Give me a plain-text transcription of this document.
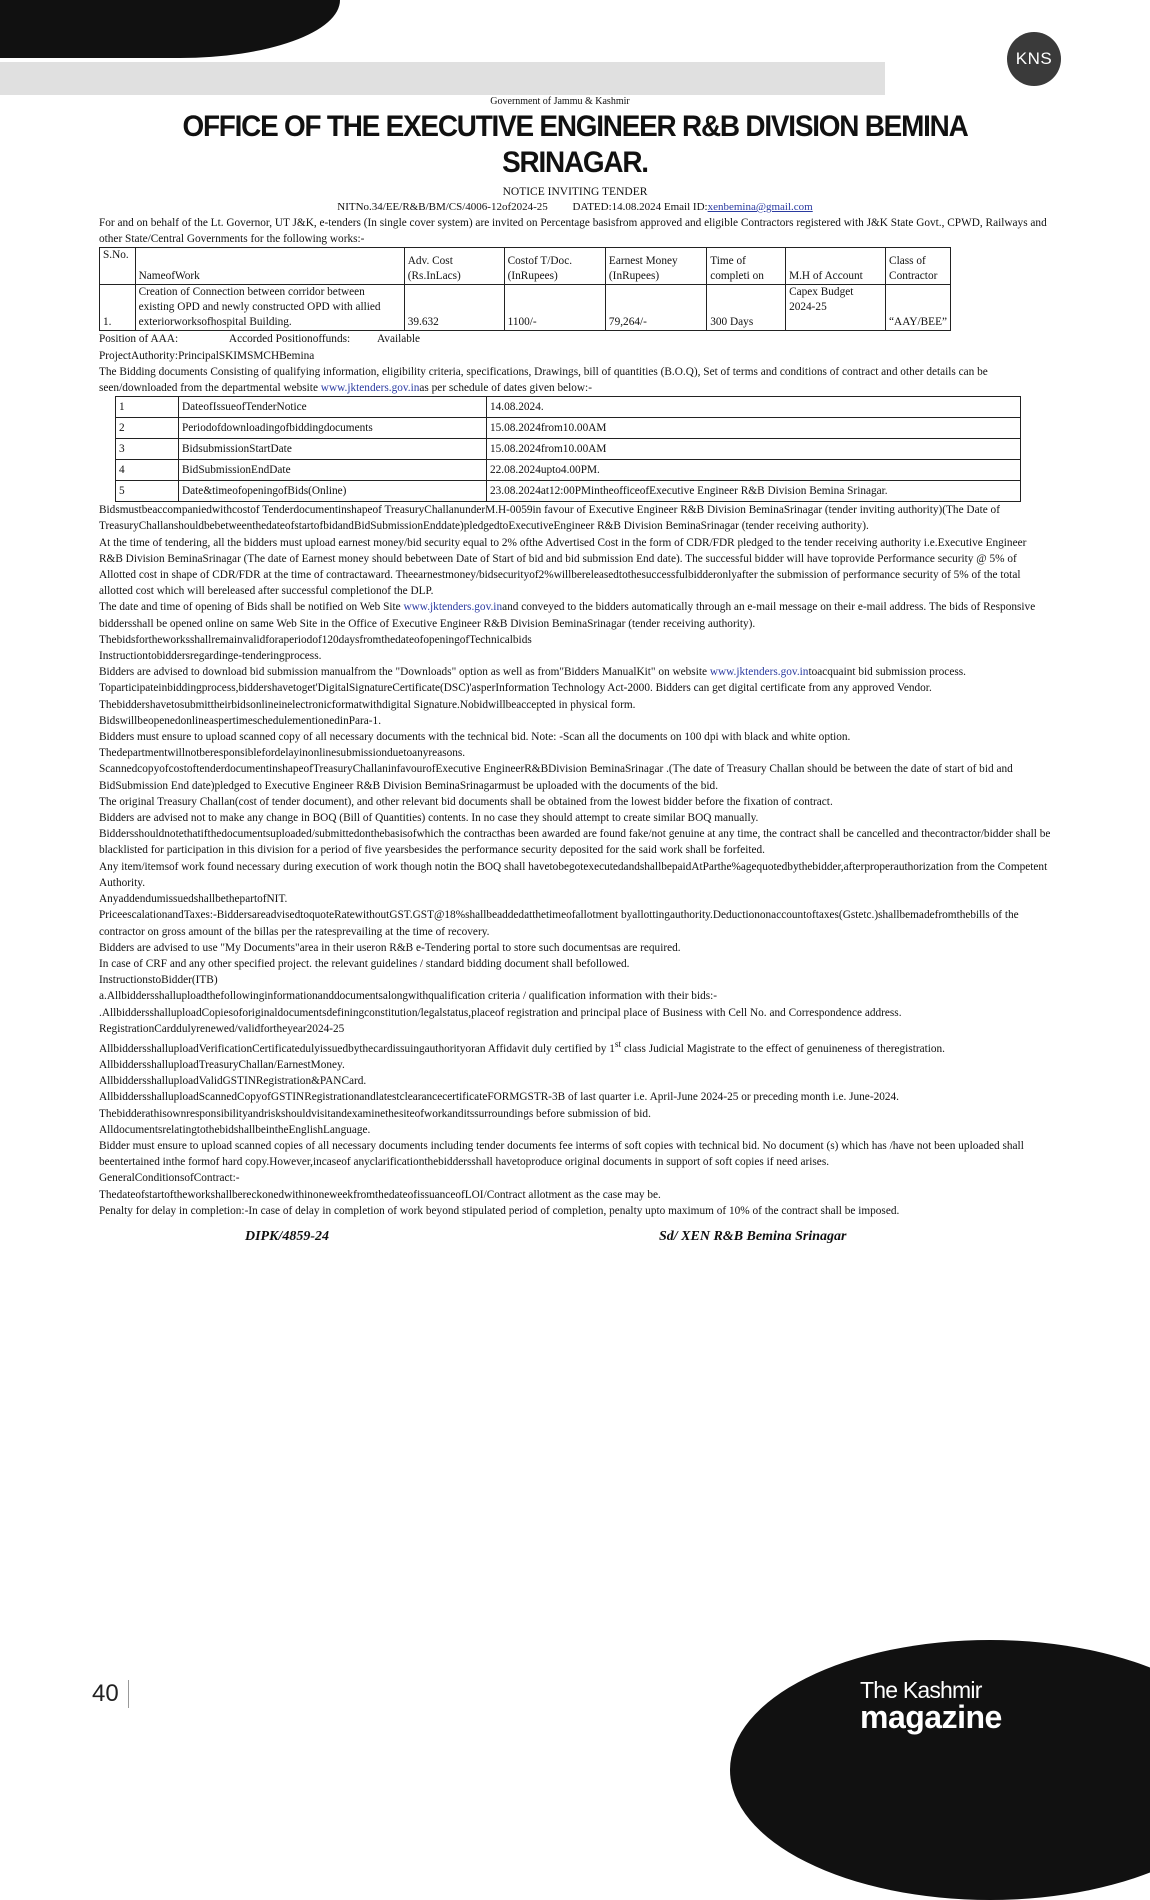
KNS
Government of Jammu & Kashmir
OFFICE OF THE EXECUTIVE ENGINEER R&B DIVISION BEMINA SRINAGAR.
NOTICE INVITING TENDER
NITNo.34/EE/R&B/BM/CS/4006-12of2024-25 DATED:14.08.2024 Email ID:xenbemina@gmail.com

For and on behalf of the Lt. Governor, UT J&K, e-tenders (In single cover system) are invited on Percentage basisfrom approved and eligible Contractors registered with J&K State Govt., CPWD, Railways and other State/Central Governments for the following works:-

S.No.	NameofWork	Adv. Cost (Rs.InLacs)	Costof T/Doc. (InRupees)	Earnest Money (InRupees)	Time of completi on	M.H of Account	Class of Contractor
1.	Creation of Connection between corridor between existing OPD and newly constructed OPD with allied exteriorworksofhospital Building.	39.632	1100/-	79,264/-	300 Days	Capex Budget 2024-25	“AAY/BEE”

Position of AAA:	Accorded Positionoffunds: Available

ProjectAuthority:PrincipalSKIMSMCHBemina

The Bidding documents Consisting of qualifying information, eligibility criteria, specifications, Drawings, bill of quantities (B.O.Q), Set of terms and conditions of contract and other details can be seen/downloaded from the departmental website www.jktenders.gov.inas per schedule of dates given below:-

1	DateofIssueofTenderNotice	14.08.2024.
2	Periodofdownloadingofbiddingdocuments	15.08.2024from10.00AM
3	BidsubmissionStartDate	15.08.2024from10.00AM
4	BidSubmissionEndDate	22.08.2024upto4.00PM.
5	Date&timeofopeningofBids(Online)	23.08.2024at12:00PMintheofficeofExecutive Engineer R&B Division Bemina Srinagar.

Bidsmustbeaccompaniedwithcostof Tenderdocumentinshapeof TreasuryChallanunderM.H-0059in favour of Executive Engineer R&B Division BeminaSrinagar (tender inviting authority)(The Date of TreasuryChallanshouldbebetweenthedateofstartofbidandBidSubmissionEnddate)pledgedtoExecutiveEngineer R&B Division BeminaSrinagar (tender receiving authority).

At the time of tendering, all the bidders must upload earnest money/bid security equal to 2% ofthe Advertised Cost in the form of CDR/FDR pledged to the tender receiving authority i.e.Executive Engineer R&B Division BeminaSrinagar (The date of Earnest money should bebetween Date of Start of bid and bid submission End date). The successful bidder will have toprovide Performance security @ 5% of Allotted cost in shape of CDR/FDR at the time of contractaward. Theearnestmoney/bidsecurityof2%willbereleasedtothesuccessfulbidderonlyafter the submission of performance security of 5% of the total allotted cost which will bereleased after successful completionof the DLP.

The date and time of opening of Bids shall be notified on Web Site www.jktenders.gov.inand conveyed to the bidders automatically through an e-mail message on their e-mail address. The bids of Responsive biddersshall be opened online on same Web Site in the Office of Executive Engineer R&B Division BeminaSrinagar (tender receiving authority).

Thebidsfortheworksshallremainvalidforaperiodof120daysfromthedateofopeningofTechnicalbids

Instructiontobiddersregardinge-tenderingprocess.

Bidders are advised to download bid submission manualfrom the "Downloads" option as well as from"Bidders ManualKit" on website www.jktenders.gov.intoacquaint bid submission process.

Toparticipateinbiddingprocess,biddershavetoget'DigitalSignatureCertificate(DSC)'asperInformation Technology Act-2000. Bidders can get digital certificate from any approved Vendor.

Thebiddershavetosubmittheirbidsonlineinelectronicformatwithdigital Signature.Nobidwillbeaccepted in physical form.

BidswillbeopenedonlineaspertimeschedulementionedinPara-1.

Bidders must ensure to upload scanned copy of all necessary documents with the technical bid. Note: -Scan all the documents on 100 dpi with black and white option.

Thedepartmentwillnotberesponsiblefordelayinonlinesubmissionduetoanyreasons.

ScannedcopyofcostoftenderdocumentinshapeofTreasuryChallaninfavourofExecutive EngineerR&BDivision BeminaSrinagar .(The date of Treasury Challan should be between the date of start of bid and BidSubmission End date)pledged to Executive Engineer R&B Division BeminaSrinagarmust be uploaded with the documents of the bid.

The original Treasury Challan(cost of tender document), and other relevant bid documents shall be obtained from the lowest bidder before the fixation of contract.

Bidders are advised not to make any change in BOQ (Bill of Quantities) contents. In no case they should attempt to create similar BOQ manually.

Biddersshouldnotethatifthedocumentsuploaded/submittedonthebasisofwhich the contracthas been awarded are found fake/not genuine at any time, the contract shall be cancelled and thecontractor/bidder shall be blacklisted for participation in this division for a period of five yearsbesides the performance security deposited for the said work shall be forfeited.

Any item/itemsof work found necessary during execution of work though notin the BOQ shall havetobegotexecutedandshallbepaidAtParthe%agequotedbythebidder,afterproperauthorization from the Competent Authority.

AnyaddendumissuedshallbethepartofNIT.

PriceescalationandTaxes:-BiddersareadvisedtoquoteRatewithoutGST.GST@18%shallbeaddedatthetimeofallotment byallottingauthority.Deductiononaccountoftaxes(Gstetc.)shallbemadefromthebills of the contractor on gross amount of the billas per the ratesprevailing at the time of recovery.

Bidders are advised to use "My Documents"area in their useron R&B e-Tendering portal to store such documentsas are required.

In case of CRF and any other specified project. the relevant guidelines / standard bidding document shall befollowed.

InstructionstoBidder(ITB)

a.Allbiddersshalluploadthefollowinginformationanddocumentsalongwithqualification criteria / qualification information with their bids:-

.AllbiddersshalluploadCopiesoforiginaldocumentsdefiningconstitution/legalstatus,placeof registration and principal place of Business with Cell No. and Correspondence address.

RegistrationCarddulyrenewed/validfortheyear2024-25

AllbiddersshalluploadVerificationCertificatedulyissuedbythecardissuingauthorityoran Affidavit duly certified by 1st class Judicial Magistrate to the effect of genuineness of theregistration.

AllbiddersshalluploadTreasuryChallan/EarnestMoney.

AllbiddersshalluploadValidGSTINRegistration&PANCard.

AllbiddersshalluploadScannedCopyofGSTINRegistrationandlatestclearancecertificateFORMGSTR-3B of last quarter i.e. April-June 2024-25 or preceding month i.e. June-2024.

Thebidderathisownresponsibilityandriskshouldvisitandexaminethesiteofworkanditssurroundings before submission of bid.

AlldocumentsrelatingtothebidshallbeintheEnglishLanguage.

Bidder must ensure to upload scanned copies of all necessary documents including tender documents fee interms of soft copies with technical bid. No document (s) which has /have not been uploaded shall beentertained inthe formof hard copy.However,incaseof anyclarificationthebiddersshall havetoproduce original documents in support of soft copies if need arises.

GeneralConditionsofContract:-

ThedateofstartoftheworkshallbereckonedwithinoneweekfromthedateofissuanceofLOI/Contract allotment as the case may be.

Penalty for delay in completion:-In case of delay in completion of work beyond stipulated period of completion, penalty upto maximum of 10% of the contract shall be imposed.

DIPK/4859-24	Sd/ XEN R&B Bemina Srinagar
40	The Kashmir
magazine
